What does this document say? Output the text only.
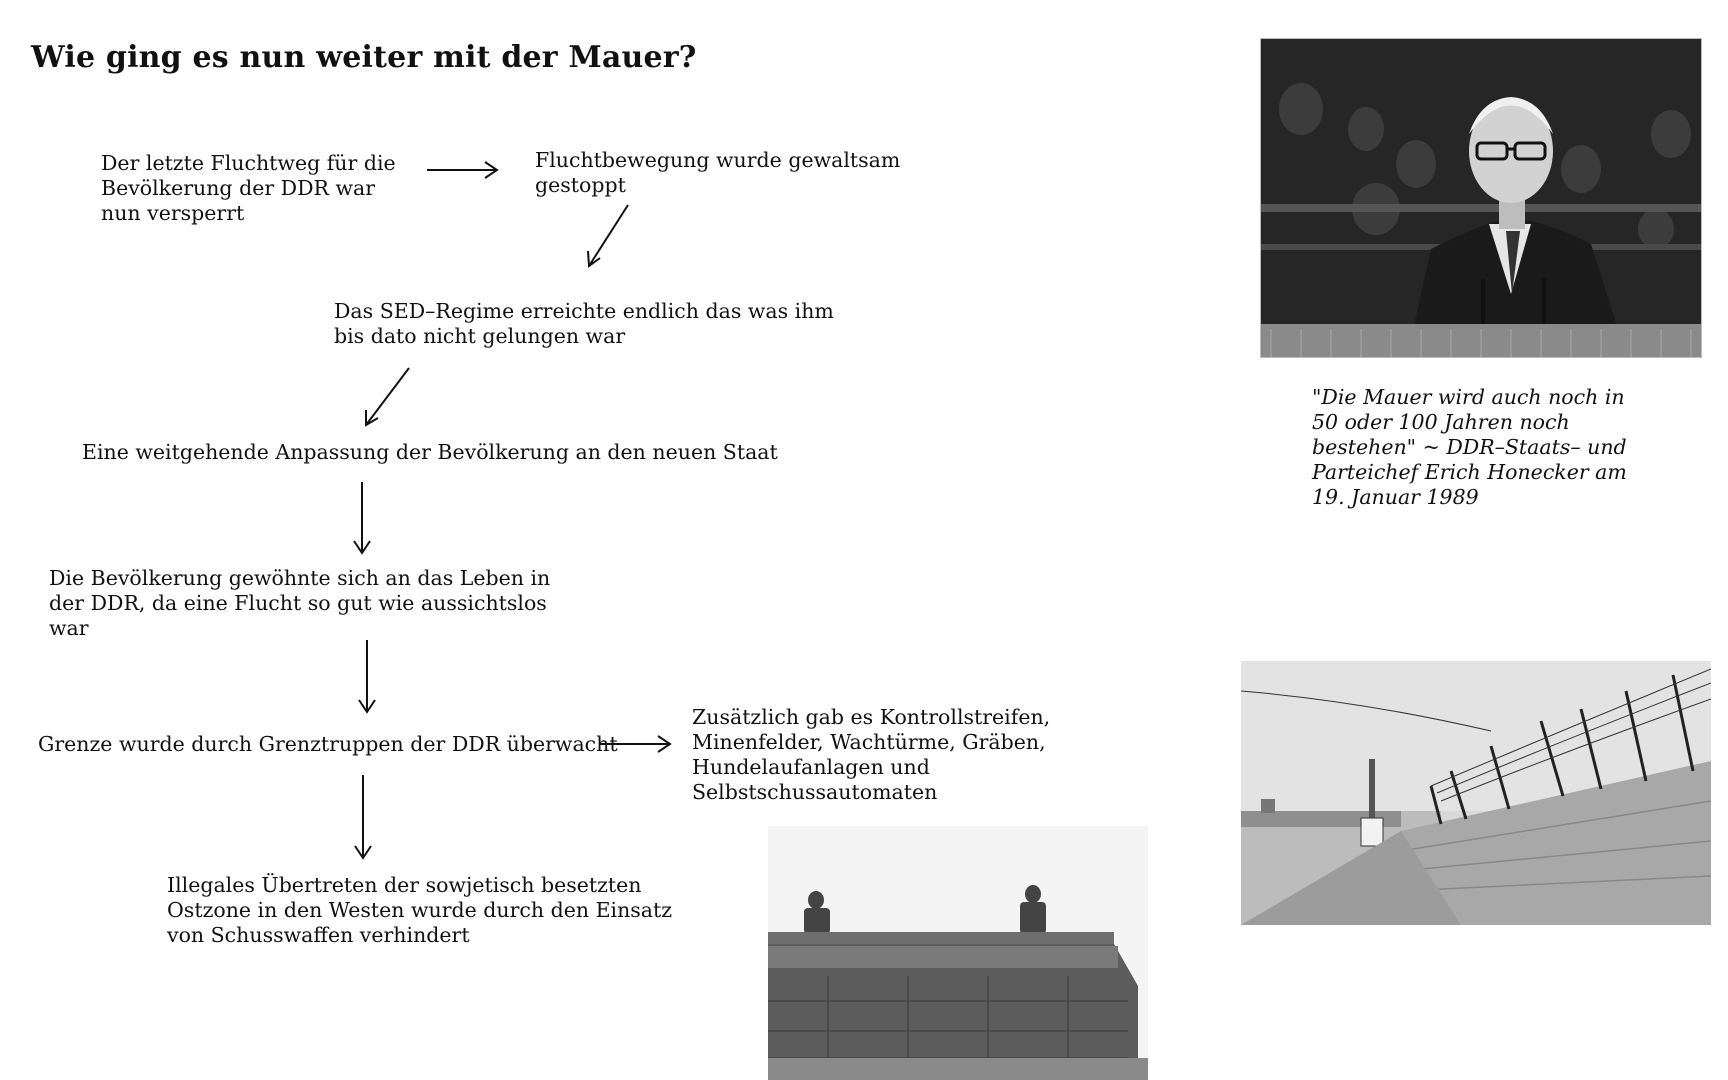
Wie ging es nun weiter mit der Mauer?
Der letzte Fluchtweg für die Bevölkerung der DDR war nun versperrt
Fluchtbewegung wurde gewaltsam gestoppt
Das SED–Regime erreichte endlich das was ihm bis dato nicht gelungen war
Eine weitgehende Anpassung der Bevölkerung an den neuen Staat
Die Bevölkerung gewöhnte sich an das Leben in der DDR, da eine Flucht so gut wie aussichtslos war
Grenze wurde durch Grenztruppen der DDR überwacht
Zusätzlich gab es Kontrollstreifen, Minenfelder, Wachtürme, Gräben, Hundelaufanlagen und Selbstschussautomaten
Illegales Übertreten der sowjetisch besetzten Ostzone in den Westen wurde durch den Einsatz von Schusswaffen verhindert
"Die Mauer wird auch noch in 50 oder 100 Jahren noch bestehen" ~ DDR–Staats– und Parteichef Erich Honecker am 19. Januar 1989
